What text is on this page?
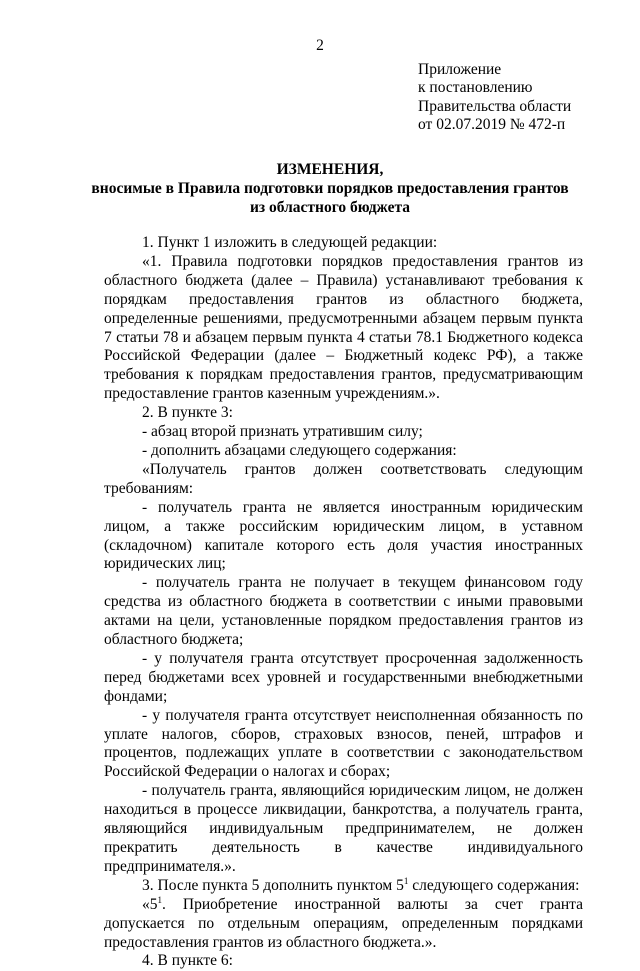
2
Приложение
к постановлению
Правительства области
от 02.07.2019 № 472-п
ИЗМЕНЕНИЯ,
вносимые в Правила подготовки порядков предоставления грантов
из областного бюджета

1. Пункт 1 изложить в следующей редакции:

«1. Правила подготовки порядков предоставления грантов из областного бюджета (далее – Правила) устанавливают требования к порядкам предоставления грантов из областного бюджета, определенные решениями, предусмотренными абзацем первым пункта 7 статьи 78 и абзацем первым пункта 4 статьи 78.1 Бюджетного кодекса Российской Федерации (далее – Бюджетный кодекс РФ), а также требования к порядкам предоставления грантов, предусматривающим предоставление грантов казенным учреждениям.».

2. В пункте 3:

- абзац второй признать утратившим силу;

- дополнить абзацами следующего содержания:

«Получатель грантов должен соответствовать следующим требованиям:

- получатель гранта не является иностранным юридическим лицом, а также российским юридическим лицом, в уставном (складочном) капитале которого есть доля участия иностранных юридических лиц;

- получатель гранта не получает в текущем финансовом году средства из областного бюджета в соответствии с иными правовыми актами на цели, установленные порядком предоставления грантов из областного бюджета;

- у получателя гранта отсутствует просроченная задолженность перед бюджетами всех уровней и государственными внебюджетными фондами;

- у получателя гранта отсутствует неисполненная обязанность по уплате налогов, сборов, страховых взносов, пеней, штрафов и процентов, подлежащих уплате в соответствии с законодательством Российской Федерации о налогах и сборах;

- получатель гранта, являющийся юридическим лицом, не должен находиться в процессе ликвидации, банкротства, а получатель гранта, являющийся индивидуальным предпринимателем, не должен прекратить деятельность в качестве индивидуального предпринимателя.».

3. После пункта 5 дополнить пунктом $5^1$ следующего содержания:

«$5^1$. Приобретение иностранной валюты за счет гранта допускается по отдельным операциям, определенным порядками предоставления грантов из областного бюджета.».

4. В пункте 6:
